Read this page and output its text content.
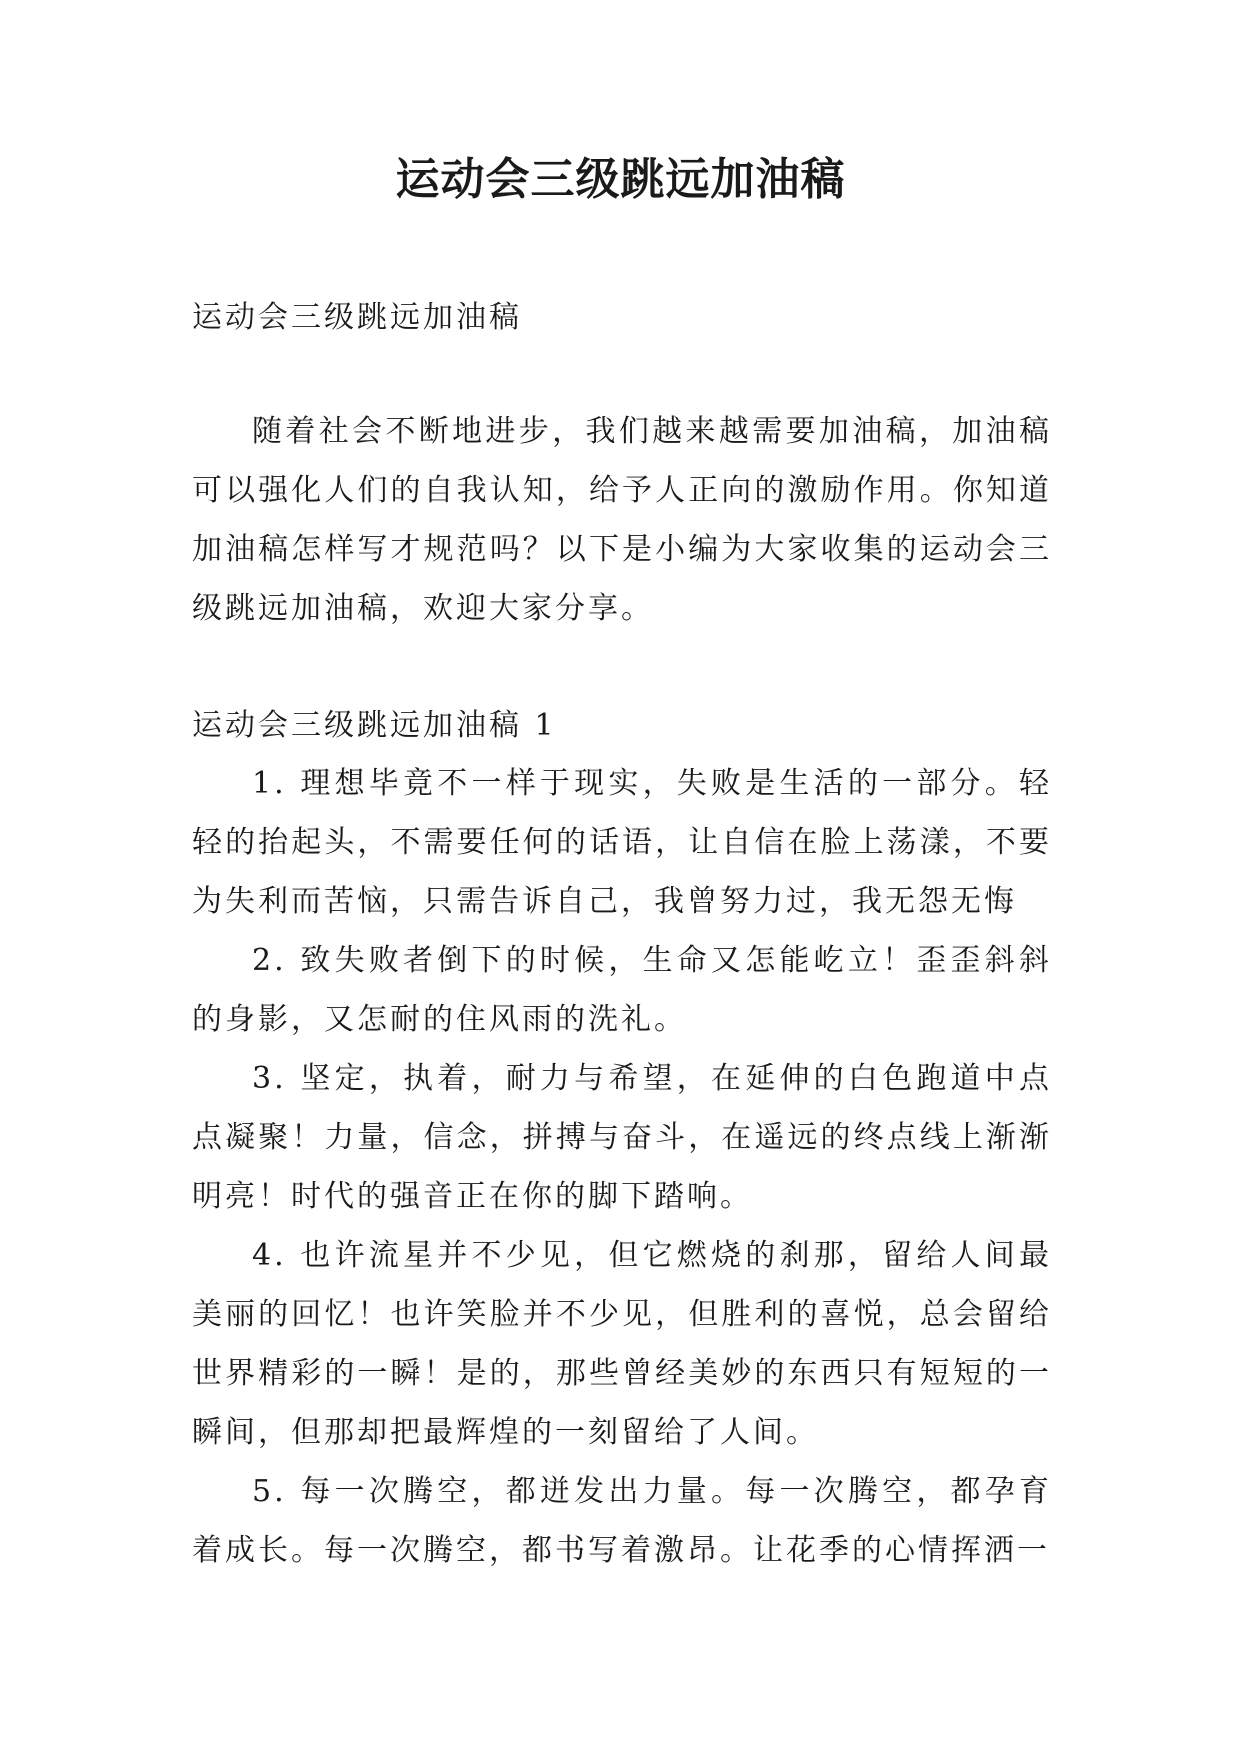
运动会三级跳远加油稿
运动会三级跳远加油稿

随着社会不断地进步，我们越来越需要加油稿，加油稿可以强化人们的自我认知，给予人正向的激励作用。你知道加油稿怎样写才规范吗？以下是小编为大家收集的运动会三级跳远加油稿，欢迎大家分享。

运动会三级跳远加油稿 1

1. 理想毕竟不一样于现实，失败是生活的一部分。轻轻的抬起头，不需要任何的话语，让自信在脸上荡漾，不要为失利而苦恼，只需告诉自己，我曾努力过，我无怨无悔

2. 致失败者倒下的时候，生命又怎能屹立！歪歪斜斜的身影，又怎耐的住风雨的洗礼。

3. 坚定，执着，耐力与希望，在延伸的白色跑道中点点凝聚！力量，信念，拼搏与奋斗，在遥远的终点线上渐渐明亮！时代的强音正在你的脚下踏响。

4. 也许流星并不少见，但它燃烧的刹那，留给人间最美丽的回忆！也许笑脸并不少见，但胜利的喜悦，总会留给世界精彩的一瞬！是的，那些曾经美妙的东西只有短短的一瞬间，但那却把最辉煌的一刻留给了人间。

5. 每一次腾空，都迸发出力量。每一次腾空，都孕育着成长。每一次腾空，都书写着激昂。让花季的心情挥洒一
